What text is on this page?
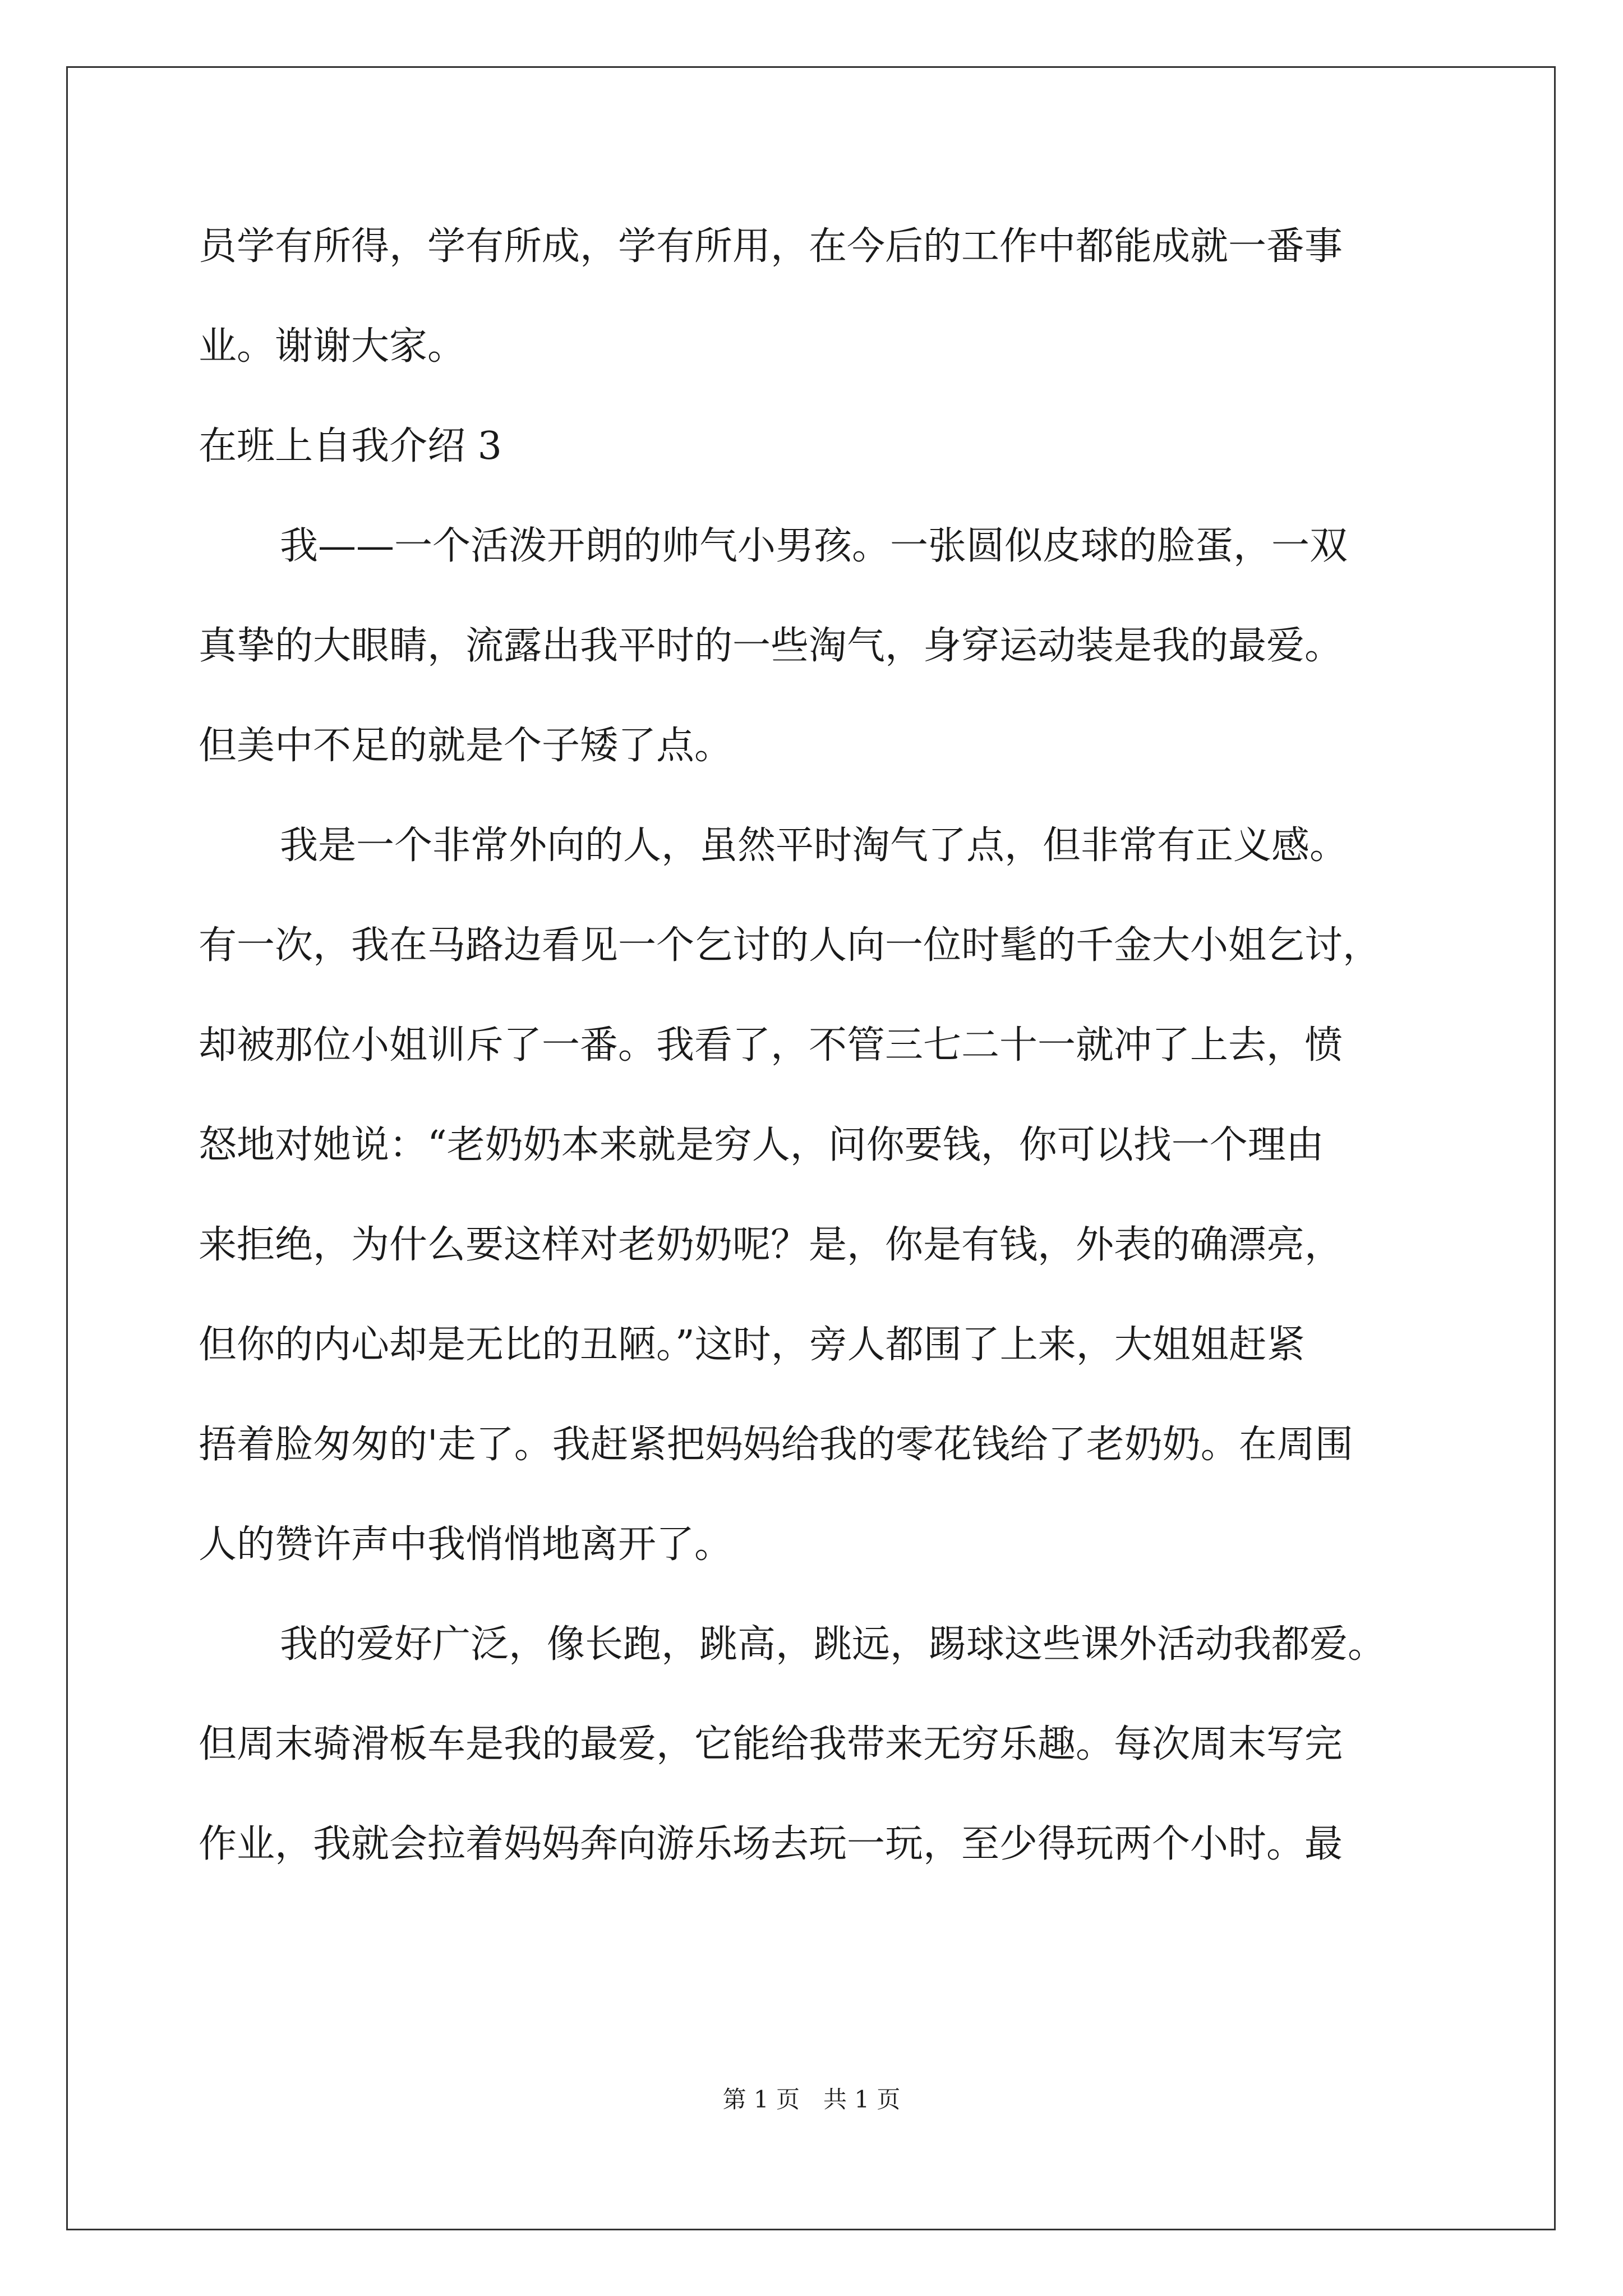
员学有所得，学有所成，学有所用，在今后的工作中都能成就一番事
业。谢谢大家。
在班上自我介绍 3
我——一个活泼开朗的帅气小男孩。一张圆似皮球的脸蛋，一双
真挚的大眼睛，流露出我平时的一些淘气，身穿运动装是我的最爱。
但美中不足的就是个子矮了点。
我是一个非常外向的人，虽然平时淘气了点，但非常有正义感。
有一次，我在马路边看见一个乞讨的人向一位时髦的千金大小姐乞讨，
却被那位小姐训斥了一番。我看了，不管三七二十一就冲了上去，愤
怒地对她说：“老奶奶本来就是穷人，问你要钱，你可以找一个理由
来拒绝，为什么要这样对老奶奶呢？是，你是有钱，外表的确漂亮，
但你的内心却是无比的丑陋。”这时，旁人都围了上来，大姐姐赶紧
捂着脸匆匆的'走了。我赶紧把妈妈给我的零花钱给了老奶奶。在周围
人的赞许声中我悄悄地离开了。
我的爱好广泛，像长跑，跳高，跳远，踢球这些课外活动我都爱。
但周末骑滑板车是我的最爱，它能给我带来无穷乐趣。每次周末写完
作业，我就会拉着妈妈奔向游乐场去玩一玩，至少得玩两个小时。最
第 1 页　共 1 页
